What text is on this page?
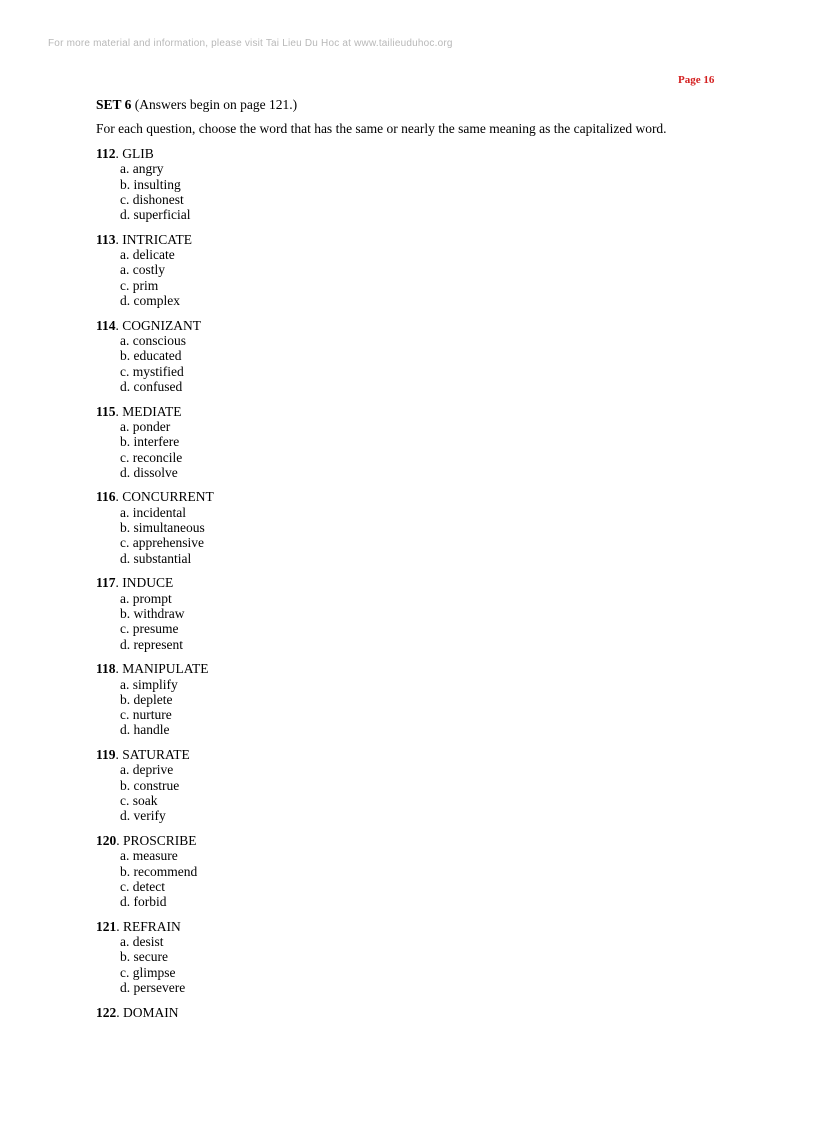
For more material and information, please visit Tai Lieu Du Hoc at www.tailieuduhoc.org
Page 16

SET 6 (Answers begin on page 121.)

For each question, choose the word that has the same or nearly the same meaning as the capitalized word.

112. GLIB
a. angry
b. insulting
c. dishonest
d. superficial
113. INTRICATE
a. delicate
a. costly
c. prim
d. complex
114. COGNIZANT
a. conscious
b. educated
c. mystified
d. confused
115. MEDIATE
a. ponder
b. interfere
c. reconcile
d. dissolve
116. CONCURRENT
a. incidental
b. simultaneous
c. apprehensive
d. substantial
117. INDUCE
a. prompt
b. withdraw
c. presume
d. represent
118. MANIPULATE
a. simplify
b. deplete
c. nurture
d. handle
119. SATURATE
a. deprive
b. construe
c. soak
d. verify
120. PROSCRIBE
a. measure
b. recommend
c. detect
d. forbid
121. REFRAIN
a. desist
b. secure
c. glimpse
d. persevere
122. DOMAIN
